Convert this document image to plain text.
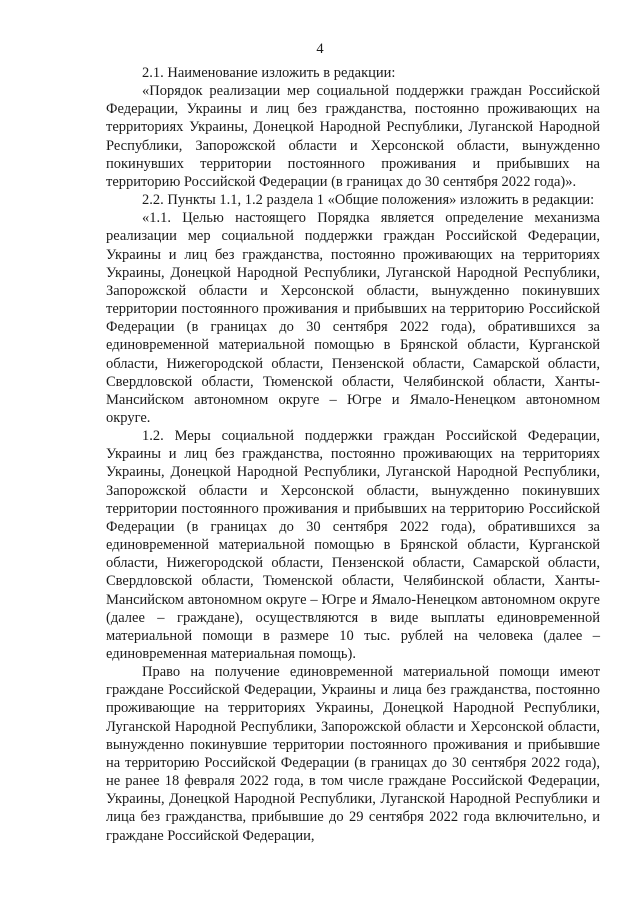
4

2.1. Наименование изложить в редакции:

«Порядок реализации мер социальной поддержки граждан Российской Федерации, Украины и лиц без гражданства, постоянно проживающих на территориях Украины, Донецкой Народной Республики, Луганской Народной Республики, Запорожской области и Херсонской области, вынужденно покинувших территории постоянного проживания и прибывших на территорию Российской Федерации (в границах до 30 сентября 2022 года)».

2.2. Пункты 1.1, 1.2 раздела 1 «Общие положения» изложить в редакции:

«1.1. Целью настоящего Порядка является определение механизма реализации мер социальной поддержки граждан Российской Федерации, Украины и лиц без гражданства, постоянно проживающих на территориях Украины, Донецкой Народной Республики, Луганской Народной Республики, Запорожской области и Херсонской области, вынужденно покинувших территории постоянного проживания и прибывших на территорию Российской Федерации (в границах до 30 сентября 2022 года), обратившихся за единовременной материальной помощью в Брянской области, Курганской области, Нижегородской области, Пензенской области, Самарской области, Свердловской области, Тюменской области, Челябинской области, Ханты-Мансийском автономном округе – Югре и Ямало-Ненецком автономном округе.

1.2. Меры социальной поддержки граждан Российской Федерации, Украины и лиц без гражданства, постоянно проживающих на территориях Украины, Донецкой Народной Республики, Луганской Народной Республики, Запорожской области и Херсонской области, вынужденно покинувших территории постоянного проживания и прибывших на территорию Российской Федерации (в границах до 30 сентября 2022 года), обратившихся за единовременной материальной помощью в Брянской области, Курганской области, Нижегородской области, Пензенской области, Самарской области, Свердловской области, Тюменской области, Челябинской области, Ханты-Мансийском автономном округе – Югре и Ямало-Ненецком автономном округе (далее – граждане), осуществляются в виде выплаты единовременной материальной помощи в размере 10 тыс. рублей на человека (далее – единовременная материальная помощь).

Право на получение единовременной материальной помощи имеют граждане Российской Федерации, Украины и лица без гражданства, постоянно проживающие на территориях Украины, Донецкой Народной Республики, Луганской Народной Республики, Запорожской области и Херсонской области, вынужденно покинувшие территории постоянного проживания и прибывшие на территорию Российской Федерации (в границах до 30 сентября 2022 года), не ранее 18 февраля 2022 года, в том числе граждане Российской Федерации, Украины, Донецкой Народной Республики, Луганской Народной Республики и лица без гражданства, прибывшие до 29 сентября 2022 года включительно, и граждане Российской Федерации,
